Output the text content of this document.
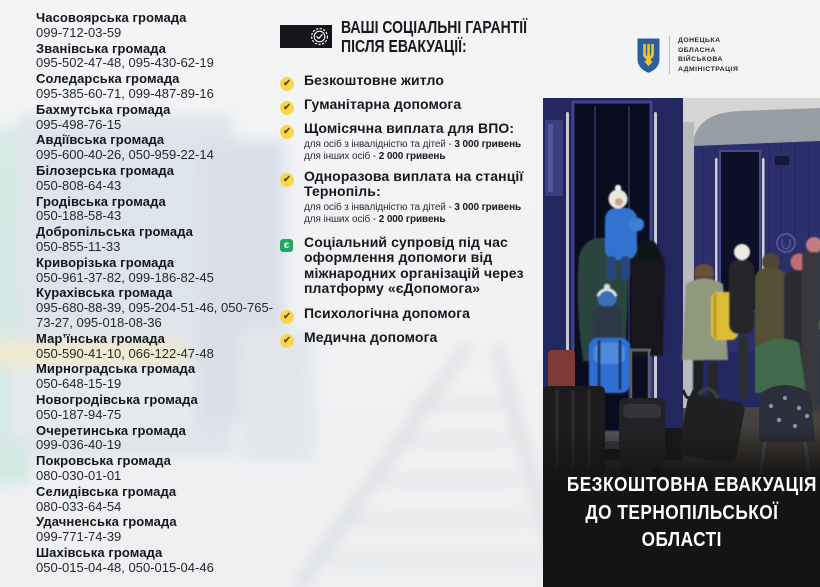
Часовоярська громада
099-712-03-59
Званівська громада
095-502-47-48, 095-430-62-19
Соледарська громада
095-385-60-71, 099-487-89-16
Бахмутська громада
095-498-76-15
Авдіївська громада
095-600-40-26, 050-959-22-14
Білозерська громада
050-808-64-43
Гродівська громада
050-188-58-43
Добропільська громада
050-855-11-33
Криворізька громада
050-961-37-82, 099-186-82-45
Курахівська громада
095-680-88-39, 095-204-51-46, 050-765-73-27, 095-018-08-36
Мар’їнська громада
050-590-41-10, 066-122-47-48
Мирноградська громада
050-648-15-19
Новогродівська громада
050-187-94-75
Очеретинська громада
099-036-40-19
Покровська громада
080-030-01-01
Селидівська громада
080-033-64-54
Удачненська громада
099-771-74-39
Шахівська громада
050-015-04-48, 050-015-04-46
ВАШІ СОЦІАЛЬНІ ГАРАНТІЇ
ПІСЛЯ ЕВАКУАЦІЇ:
✔ Безкоштовне житло
✔ Гуманітарна допомога
✔ Щомісячна виплата для ВПО:
для осіб з інвалідністю та дітей - 3 000 гривень
для інших осіб - 2 000 гривень
✔ Одноразова виплата на станції Тернопіль:
для осіб з інвалідністю та дітей - 3 000 гривень
для інших осіб - 2 000 гривень
є	Соціальний супровід під час оформлення допомоги від міжнародних організацій через платформу «єДопомога»
✔ Психологічна допомога
✔ Медична допомога
ДОНЕЦЬКА
ОБЛАСНА
ВІЙСЬКОВА
АДМІНІСТРАЦІЯ
БЕЗКОШТОВНА ЕВАКУАЦІЯ
ДО ТЕРНОПІЛЬСЬКОЇ
ОБЛАСТІ
